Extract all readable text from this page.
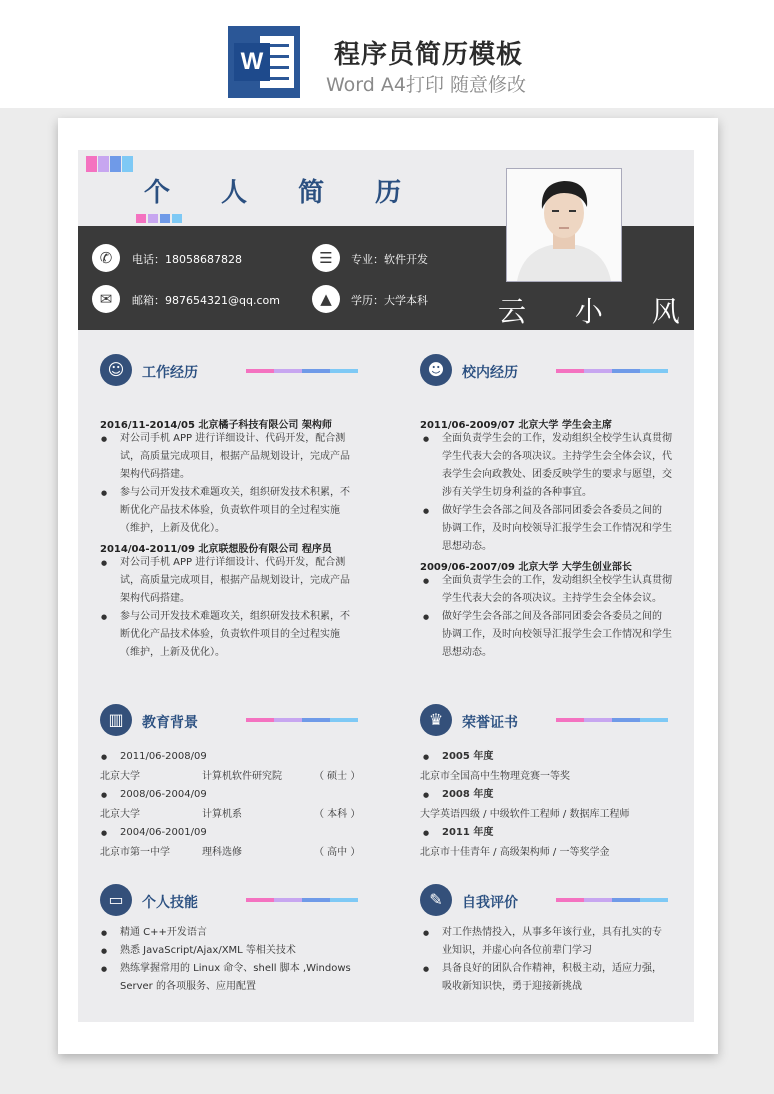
W	程序员简历模板
Word A4打印 随意修改
个 人 简 历
✆	电话：18058687828	☰	专业：软件开发
✉	邮箱：987654321@qq.com	▲	学历：大学本科	云 小 风
☺	工作经历
2016/11-2014/05 北京橘子科技有限公司 架构师
● 对公司手机 APP 进行详细设计、代码开发，配合测
试，高质量完成项目，根据产品规划设计，完成产品
架构代码搭建。
● 参与公司开发技术难题攻关，组织研发技术积累，不
断优化产品技术体验，负责软件项目的全过程实施
（维护，上新及优化）。
2014/04-2011/09 北京联想股份有限公司 程序员
● 对公司手机 APP 进行详细设计、代码开发，配合测
试，高质量完成项目，根据产品规划设计，完成产品
架构代码搭建。
● 参与公司开发技术难题攻关，组织研发技术积累，不
断优化产品技术体验，负责软件项目的全过程实施
（维护，上新及优化）。
☻	校内经历
2011/06-2009/07 北京大学 学生会主席
● 全面负责学生会的工作，发动组织全校学生认真贯彻
学生代表大会的各项决议。主持学生会全体会议，代
表学生会向政教处、团委反映学生的要求与愿望，交
涉有关学生切身利益的各种事宜。
● 做好学生会各部之间及各部同团委会各委员之间的
协调工作，及时向校领导汇报学生会工作情况和学生
思想动态。
2009/06-2007/09 北京大学 大学生创业部长
● 全面负责学生会的工作，发动组织全校学生认真贯彻
学生代表大会的各项决议。主持学生会全体会议。
● 做好学生会各部之间及各部同团委会各委员之间的
协调工作，及时向校领导汇报学生会工作情况和学生
思想动态。
▥	教育背景
● 2011/06-2008/09
北京大学	计算机软件研究院	（ 硕士 ）
● 2008/06-2004/09
北京大学	计算机系	（ 本科 ）
● 2004/06-2001/09
北京市第一中学	理科选修	（ 高中 ）
♛	荣誉证书
● 2005 年度
北京市全国高中生物理竞赛一等奖
● 2008 年度
大学英语四级 / 中级软件工程师 / 数据库工程师
● 2011 年度
北京市十佳青年 / 高级架构师 / 一等奖学金
▭	个人技能
● 精通 C++开发语言
● 熟悉 JavaScript/Ajax/XML 等相关技术
● 熟练掌握常用的 Linux 命令、shell 脚本 ,Windows
Server 的各项服务、应用配置
✎	自我评价
● 对工作热情投入，从事多年该行业，具有扎实的专
业知识，并虚心向各位前辈门学习
● 具备良好的团队合作精神，积极主动，适应力强，
吸收新知识快，勇于迎接新挑战
